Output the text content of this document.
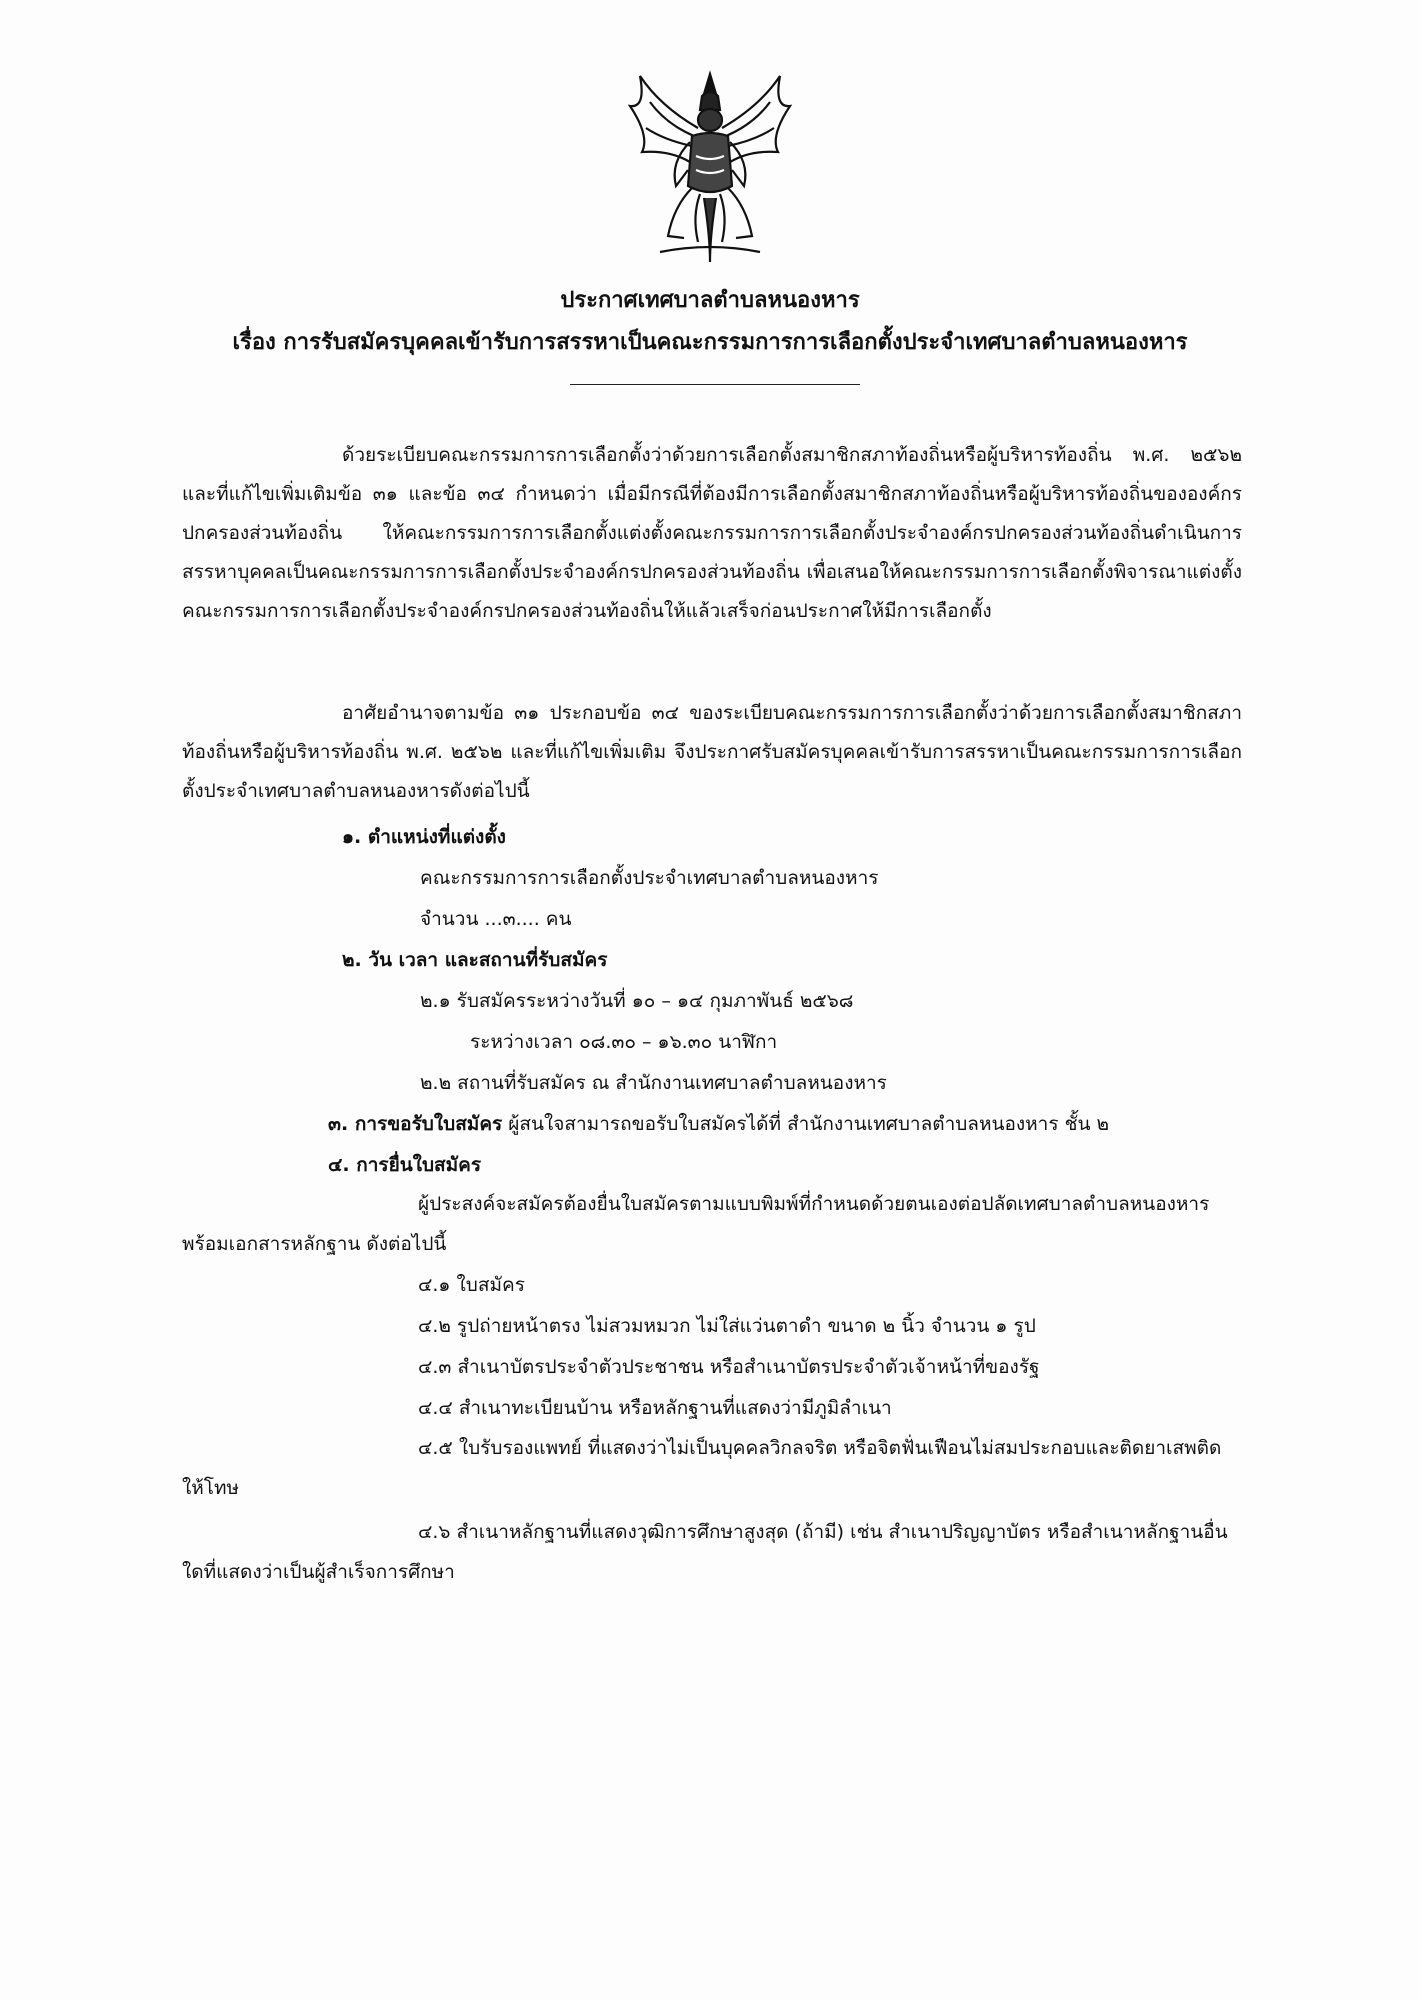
ประกาศเทศบาลตำบลหนองหาร
เรื่อง การรับสมัครบุคคลเข้ารับการสรรหาเป็นคณะกรรมการการเลือกตั้งประจำเทศบาลตำบลหนองหาร
ด้วยระเบียบคณะกรรมการการเลือกตั้งว่าด้วยการเลือกตั้งสมาชิกสภาท้องถิ่นหรือผู้บริหารท้องถิ่น พ.ศ. ๒๕๖๒ และที่แก้ไขเพิ่มเติมข้อ ๓๑ และข้อ ๓๔ กำหนดว่า เมื่อมีกรณีที่ต้องมีการเลือกตั้งสมาชิกสภาท้องถิ่นหรือผู้บริหารท้องถิ่นขององค์กรปกครองส่วนท้องถิ่น ให้คณะกรรมการการเลือกตั้งแต่งตั้งคณะกรรมการการเลือกตั้งประจำองค์กรปกครองส่วนท้องถิ่นดำเนินการสรรหาบุคคลเป็นคณะกรรมการการเลือกตั้งประจำองค์กรปกครองส่วนท้องถิ่น เพื่อเสนอให้คณะกรรมการการเลือกตั้งพิจารณาแต่งตั้งคณะกรรมการการเลือกตั้งประจำองค์กรปกครองส่วนท้องถิ่นให้แล้วเสร็จก่อนประกาศให้มีการเลือกตั้ง
อาศัยอำนาจตามข้อ ๓๑ ประกอบข้อ ๓๔ ของระเบียบคณะกรรมการการเลือกตั้งว่าด้วยการเลือกตั้งสมาชิกสภาท้องถิ่นหรือผู้บริหารท้องถิ่น พ.ศ. ๒๕๖๒ และที่แก้ไขเพิ่มเติม จึงประกาศรับสมัครบุคคลเข้ารับการสรรหาเป็นคณะกรรมการการเลือกตั้งประจำเทศบาลตำบลหนองหารดังต่อไปนี้
๑. ตำแหน่งที่แต่งตั้ง
คณะกรรมการการเลือกตั้งประจำเทศบาลตำบลหนองหาร
จำนวน ...๓.... คน
๒. วัน เวลา และสถานที่รับสมัคร
๒.๑ รับสมัครระหว่างวันที่ ๑๐ – ๑๔ กุมภาพันธ์ ๒๕๖๘
ระหว่างเวลา ๐๘.๓๐ – ๑๖.๓๐ นาฬิกา
๒.๒ สถานที่รับสมัคร ณ สำนักงานเทศบาลตำบลหนองหาร
๓. การขอรับใบสมัคร ผู้สนใจสามารถขอรับใบสมัครได้ที่ สำนักงานเทศบาลตำบลหนองหาร ชั้น ๒
๔. การยื่นใบสมัคร
ผู้ประสงค์จะสมัครต้องยื่นใบสมัครตามแบบพิมพ์ที่กำหนดด้วยตนเองต่อปลัดเทศบาลตำบลหนองหารพร้อมเอกสารหลักฐาน ดังต่อไปนี้
๔.๑ ใบสมัคร
๔.๒ รูปถ่ายหน้าตรง ไม่สวมหมวก ไม่ใส่แว่นตาดำ ขนาด ๒ นิ้ว จำนวน ๑ รูป
๔.๓ สำเนาบัตรประจำตัวประชาชน หรือสำเนาบัตรประจำตัวเจ้าหน้าที่ของรัฐ
๔.๔ สำเนาทะเบียนบ้าน หรือหลักฐานที่แสดงว่ามีภูมิลำเนา
๔.๕ ใบรับรองแพทย์ ที่แสดงว่าไม่เป็นบุคคลวิกลจริต หรือจิตฟั่นเฟือนไม่สมประกอบและติดยาเสพติดให้โทษ
๔.๖ สำเนาหลักฐานที่แสดงวุฒิการศึกษาสูงสุด (ถ้ามี) เช่น สำเนาปริญญาบัตร หรือสำเนาหลักฐานอื่นใดที่แสดงว่าเป็นผู้สำเร็จการศึกษา
